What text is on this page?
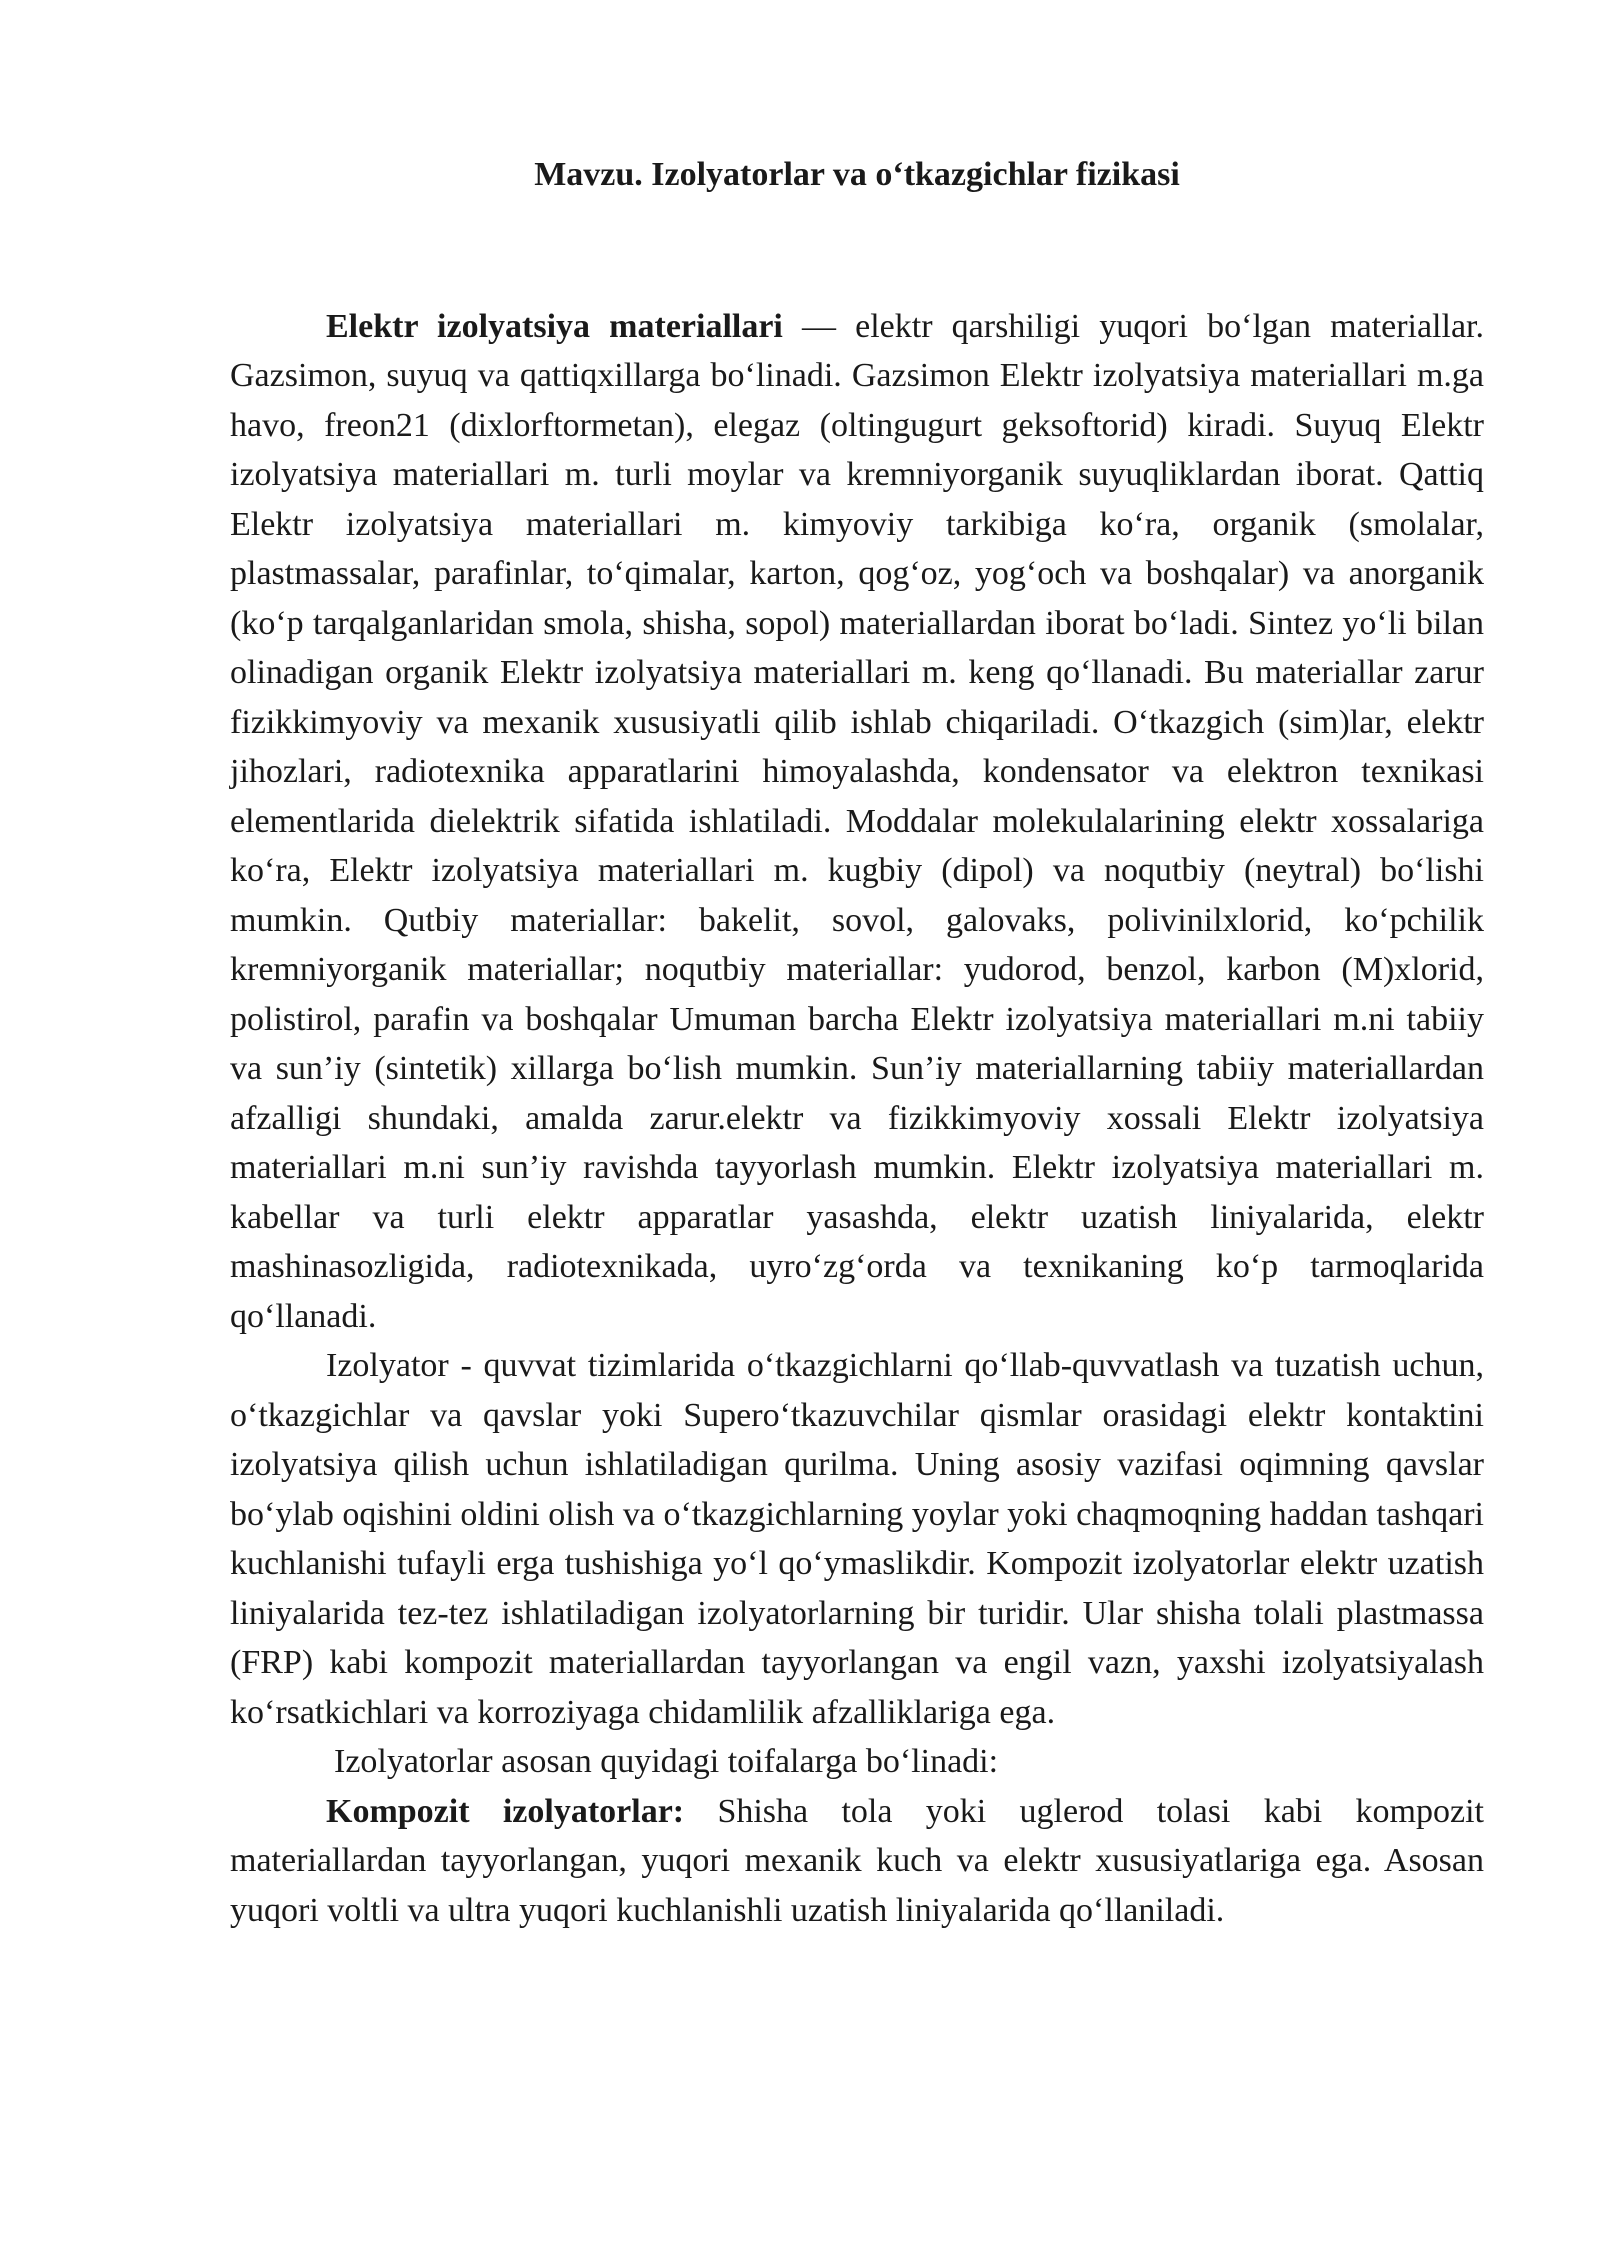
Mavzu. Izolyatorlar va o‘tkazgichlar fizikasi

Elektr izolyatsiya materiallari — elektr qarshiligi yuqori bo‘lgan materiallar. Gazsimon, suyuq va qattiqxillarga bo‘linadi. Gazsimon Elektr izolyatsiya materiallari m.ga havo, freon21 (dixlorftormetan), elegaz (oltingugurt geksoftorid) kiradi. Suyuq Elektr izolyatsiya materiallari m. turli moylar va kremniyorganik suyuqliklardan iborat. Qattiq Elektr izolyatsiya materiallari m. kimyoviy tarkibiga ko‘ra, organik (smolalar, plastmassalar, parafinlar, to‘qimalar, karton, qog‘oz, yog‘och va boshqalar) va anorganik (ko‘p tarqalganlaridan smola, shisha, sopol) materiallardan iborat bo‘ladi. Sintez yo‘li bilan olinadigan organik Elektr izolyatsiya materiallari m. keng qo‘llanadi. Bu materiallar zarur fizikkimyoviy va mexanik xususiyatli qilib ishlab chiqariladi. O‘tkazgich (sim)lar, elektr jihozlari, radiotexnika apparatlarini himoyalashda, kondensator va elektron texnikasi elementlarida dielektrik sifatida ishlatiladi. Moddalar molekulalarining elektr xossalariga ko‘ra, Elektr izolyatsiya materiallari m. kugbiy (dipol) va noqutbiy (neytral) bo‘lishi mumkin. Qutbiy materiallar: bakelit, sovol, galovaks, polivinilxlorid, ko‘pchilik kremniyorganik materiallar; noqutbiy materiallar: yudorod, benzol, karbon (M)xlorid, polistirol, parafin va boshqalar Umuman barcha Elektr izolyatsiya materiallari m.ni tabiiy va sun’iy (sintetik) xillarga bo‘lish mumkin. Sun’iy materiallarning tabiiy materiallardan afzalligi shundaki, amalda zarur.elektr va fizikkimyoviy xossali Elektr izolyatsiya materiallari m.ni sun’iy ravishda tayyorlash mumkin. Elektr izolyatsiya materiallari m. kabellar va turli elektr apparatlar yasashda, elektr uzatish liniyalarida, elektr mashinasozligida, radiotexnikada, uyro‘zg‘orda va texnikaning ko‘p tarmoqlarida qo‘llanadi.

Izolyator - quvvat tizimlarida o‘tkazgichlarni qo‘llab-quvvatlash va tuzatish uchun, o‘tkazgichlar va qavslar yoki Supero‘tkazuvchilar qismlar orasidagi elektr kontaktini izolyatsiya qilish uchun ishlatiladigan qurilma. Uning asosiy vazifasi oqimning qavslar bo‘ylab oqishini oldini olish va o‘tkazgichlarning yoylar yoki chaqmoqning haddan tashqari kuchlanishi tufayli erga tushishiga yo‘l qo‘ymaslikdir. Kompozit izolyatorlar elektr uzatish liniyalarida tez-tez ishlatiladigan izolyatorlarning bir turidir. Ular shisha tolali plastmassa (FRP) kabi kompozit materiallardan tayyorlangan va engil vazn, yaxshi izolyatsiyalash ko‘rsatkichlari va korroziyaga chidamlilik afzalliklariga ega.

Izolyatorlar asosan quyidagi toifalarga bo‘linadi:

Kompozit izolyatorlar: Shisha tola yoki uglerod tolasi kabi kompozit materiallardan tayyorlangan, yuqori mexanik kuch va elektr xususiyatlariga ega. Asosan yuqori voltli va ultra yuqori kuchlanishli uzatish liniyalarida qo‘llaniladi.
